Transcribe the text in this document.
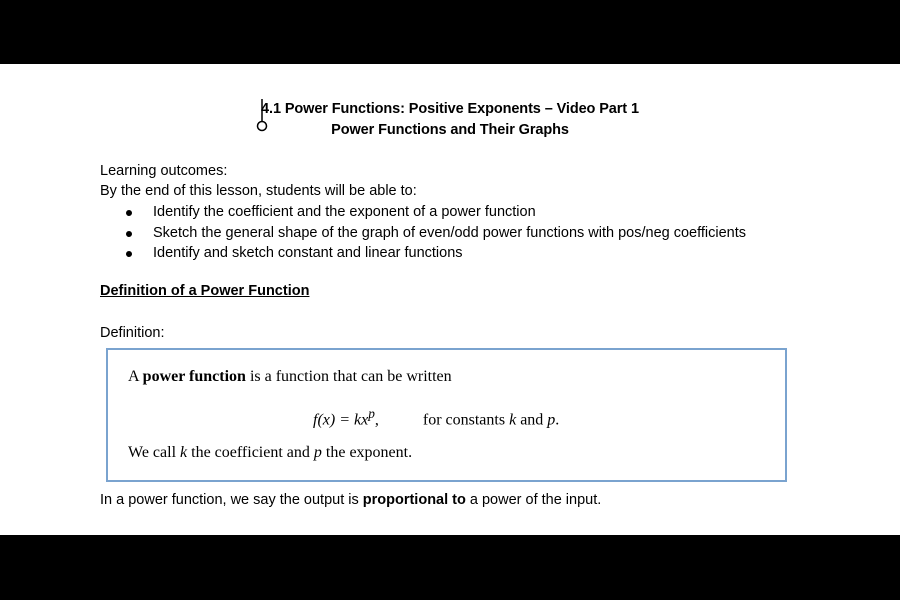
4.1 Power Functions: Positive Exponents – Video Part 1
Power Functions and Their Graphs
Learning outcomes:
By the end of this lesson, students will be able to:
Identify the coefficient and the exponent of a power function
Sketch the general shape of the graph of even/odd power functions with pos/neg coefficients
Identify and sketch constant and linear functions
Definition of a Power Function
Definition:
A power function is a function that can be written
$f(x) = kx^p$,	for constants k and p.
We call k the coefficient and p the exponent.
In a power function, we say the output is proportional to a power of the input.
